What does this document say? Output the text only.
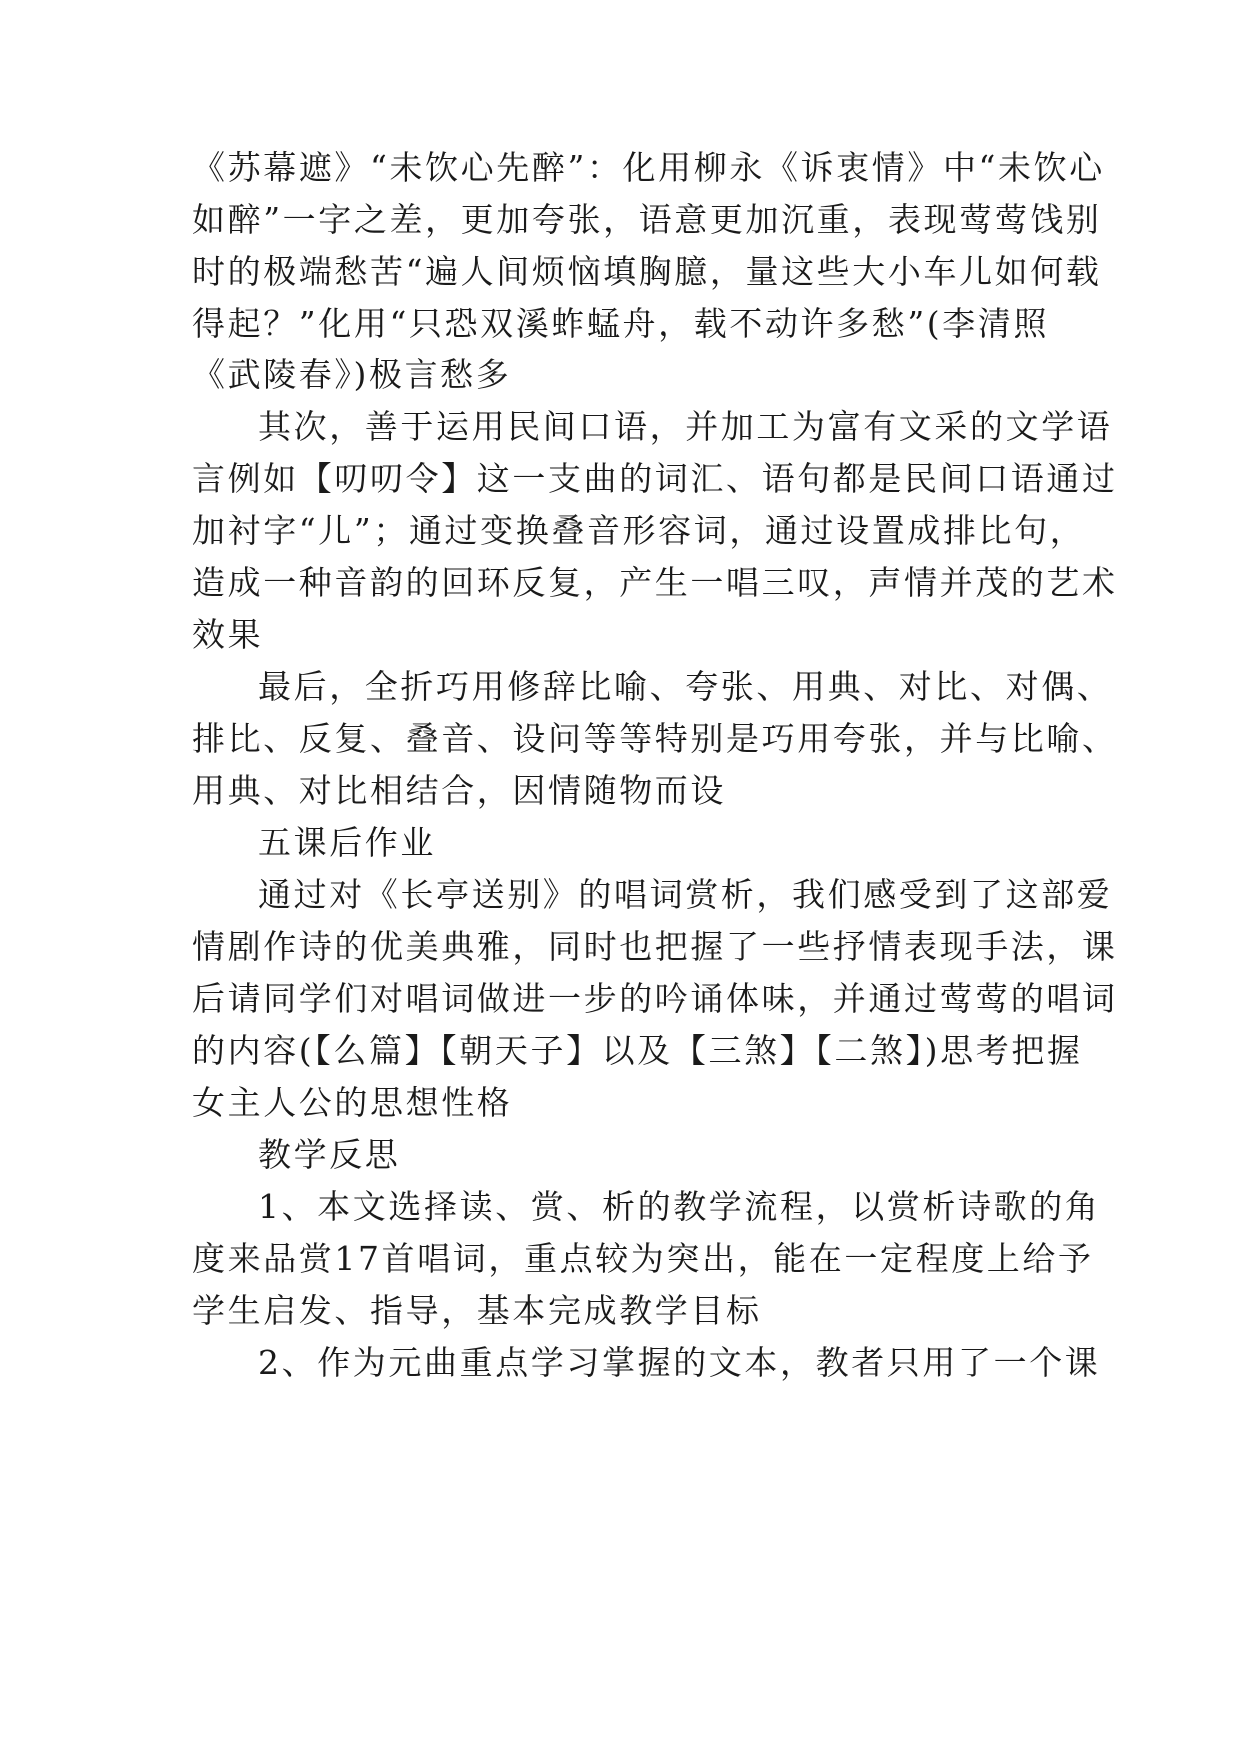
《苏幕遮》“未饮心先醉”：化用柳永《诉衷情》中“未饮心
如醉”一字之差，更加夸张，语意更加沉重，表现莺莺饯别
时的极端愁苦“遍人间烦恼填胸臆，量这些大小车儿如何载
得起？”化用“只恐双溪蚱蜢舟，载不动许多愁”(李清照
《武陵春》)极言愁多
其次，善于运用民间口语，并加工为富有文采的文学语
言例如【叨叨令】这一支曲的词汇、语句都是民间口语通过
加衬字“儿”；通过变换叠音形容词，通过设置成排比句，
造成一种音韵的回环反复，产生一唱三叹，声情并茂的艺术
效果
最后，全折巧用修辞比喻、夸张、用典、对比、对偶、
排比、反复、叠音、设问等等特别是巧用夸张，并与比喻、
用典、对比相结合，因情随物而设
五课后作业
通过对《长亭送别》的唱词赏析，我们感受到了这部爱
情剧作诗的优美典雅，同时也把握了一些抒情表现手法，课
后请同学们对唱词做进一步的吟诵体味，并通过莺莺的唱词
的内容(【么篇】【朝天子】以及【三煞】【二煞】)思考把握
女主人公的思想性格
教学反思
1、本文选择读、赏、析的教学流程，以赏析诗歌的角
度来品赏17首唱词，重点较为突出，能在一定程度上给予
学生启发、指导，基本完成教学目标
2、作为元曲重点学习掌握的文本，教者只用了一个课
